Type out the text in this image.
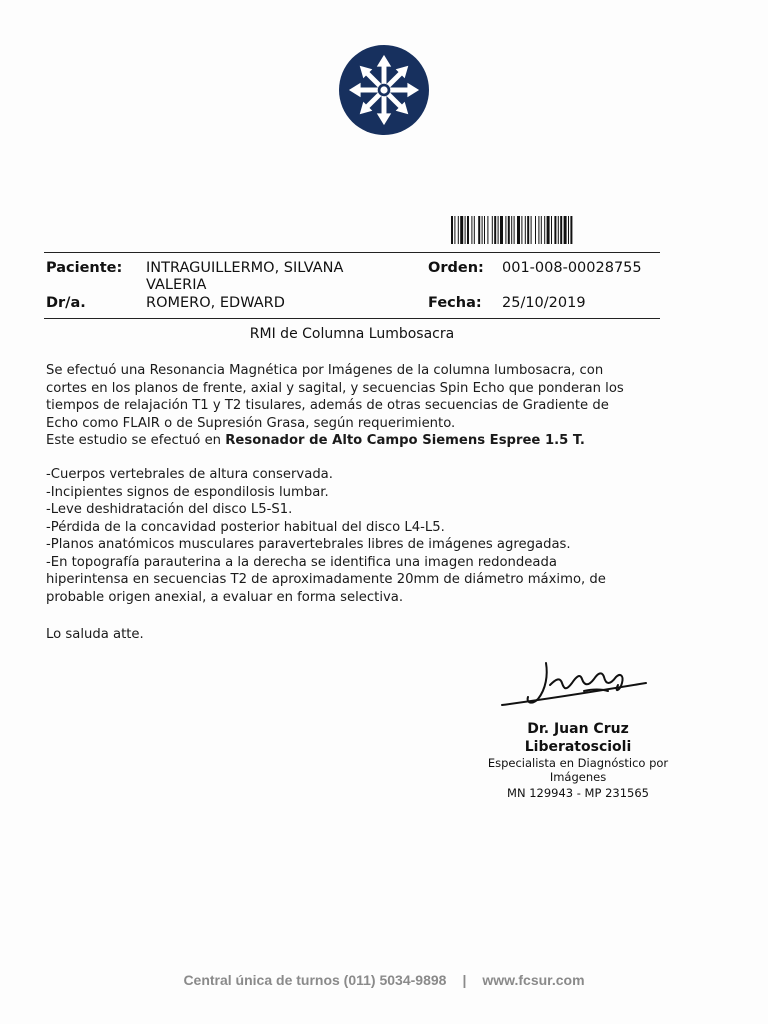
Paciente: INTRAGUILLERMO, SILVANA VALERIA
Orden: 001-008-00028755
Dr/a.	ROMERO, EDWARD	Fecha: 25/10/2019
RMI de Columna Lumbosacra

Se efectuó una Resonancia Magnética por Imágenes de la columna lumbosacra, con

cortes en los planos de frente, axial y sagital, y secuencias Spin Echo que ponderan los

tiempos de relajación T1 y T2 tisulares, además de otras secuencias de Gradiente de

Echo como FLAIR o de Supresión Grasa, según requerimiento.

Este estudio se efectuó en Resonador de Alto Campo Siemens Espree 1.5 T.

-Cuerpos vertebrales de altura conservada.

-Incipientes signos de espondilosis lumbar.

-Leve deshidratación del disco L5-S1.

-Pérdida de la concavidad posterior habitual del disco L4-L5.

-Planos anatómicos musculares paravertebrales libres de imágenes agregadas.

-En topografía parauterina a la derecha se identifica una imagen redondeada

hiperintensa en secuencias T2 de aproximadamente 20mm de diámetro máximo, de

probable origen anexial, a evaluar en forma selectiva.

Lo saluda atte.
Dr. Juan Cruz
Liberatoscioli
Especialista en Diagnóstico por Imágenes
MN 129943 - MP 231565
Central única de turnos (011) 5034-9898 | www.fcsur.com
